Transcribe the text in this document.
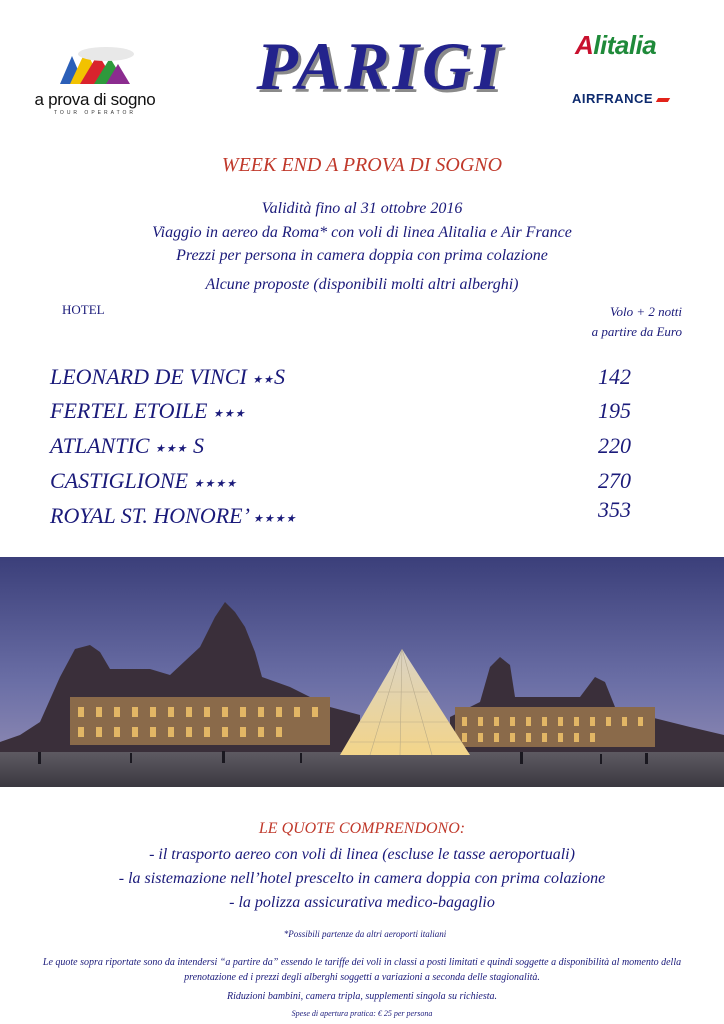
a prova di sogno
TOUR OPERATOR
PARIGI	Alitalia
AIRFRANCE
WEEK END A PROVA DI SOGNO
Validità fino al 31 ottobre 2016
Viaggio in aereo da Roma* con voli di linea Alitalia e Air France
Prezzi per persona in camera doppia con prima colazione
Alcune proposte (disponibili molti altri alberghi)
HOTEL	Volo + 2 notti
a partire da Euro
LEONARD DE VINCI ★★S	142
FERTEL ETOILE ★★★	195
ATLANTIC ★★★ S	220
CASTIGLIONE ★★★★	270
ROYAL ST. HONORE’ ★★★★	353
LE QUOTE COMPRENDONO:
- il trasporto aereo con voli di linea (escluse le tasse aeroportuali)
- la sistemazione nell’hotel prescelto in camera doppia con prima colazione
- la polizza assicurativa medico-bagaglio
*Possibili partenze da altri aeroporti italiani
Le quote sopra riportate sono da intendersi “a partire da” essendo le tariffe dei voli in classi a posti limitati e quindi soggette a disponibilità al momento della prenotazione ed i prezzi degli alberghi soggetti a variazioni a seconda delle stagionalità.
Riduzioni bambini, camera tripla, supplementi singola su richiesta.
Spese di apertura pratica: € 25 per persona
